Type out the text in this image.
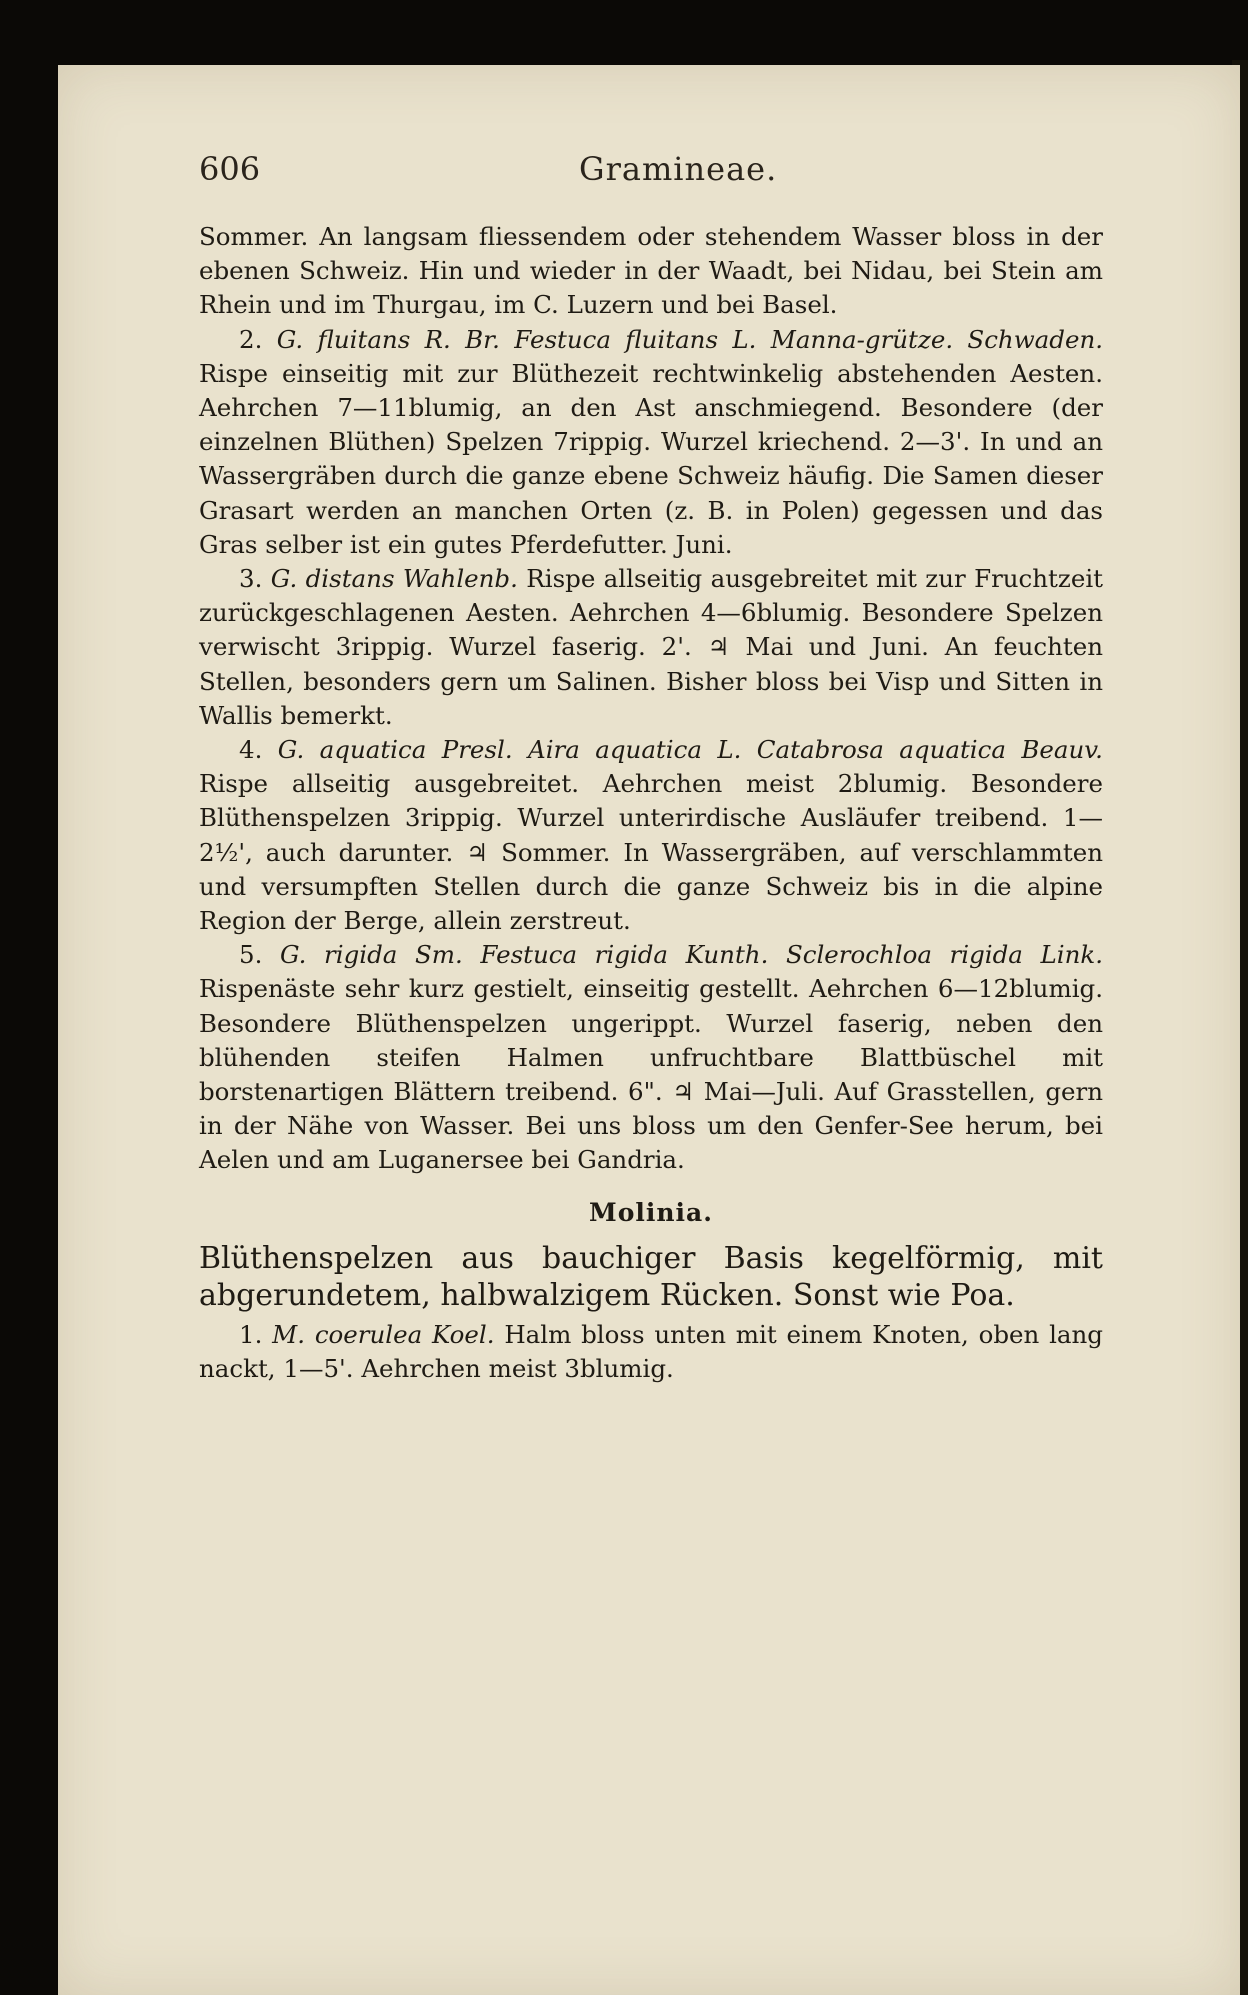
606	Gramineae.

Sommer. An langsam fliessendem oder stehendem Wasser bloss in der ebenen Schweiz. Hin und wieder in der Waadt, bei Nidau, bei Stein am Rhein und im Thurgau, im C. Luzern und bei Basel.

2. G. fluitans R. Br. Festuca fluitans L. Manna-grütze. Schwaden. Rispe einseitig mit zur Blüthezeit rechtwinkelig abstehenden Aesten. Aehrchen 7—11blumig, an den Ast anschmiegend. Besondere (der einzelnen Blüthen) Spelzen 7rippig. Wurzel kriechend. 2—3'. In und an Wassergräben durch die ganze ebene Schweiz häufig. Die Samen dieser Grasart werden an manchen Orten (z. B. in Polen) gegessen und das Gras selber ist ein gutes Pferdefutter. Juni.

3. G. distans Wahlenb. Rispe allseitig ausgebreitet mit zur Fruchtzeit zurückgeschlagenen Aesten. Aehrchen 4—6blumig. Besondere Spelzen verwischt 3rippig. Wurzel faserig. 2'. ♃ Mai und Juni. An feuchten Stellen, besonders gern um Salinen. Bisher bloss bei Visp und Sitten in Wallis bemerkt.

4. G. aquatica Presl. Aira aquatica L. Catabrosa aquatica Beauv. Rispe allseitig ausgebreitet. Aehrchen meist 2blumig. Besondere Blüthenspelzen 3rippig. Wurzel unterirdische Ausläufer treibend. 1—2½', auch darunter. ♃ Sommer. In Wassergräben, auf verschlammten und versumpften Stellen durch die ganze Schweiz bis in die alpine Region der Berge, allein zerstreut.

5. G. rigida Sm. Festuca rigida Kunth. Sclerochloa rigida Link. Rispenäste sehr kurz gestielt, einseitig gestellt. Aehrchen 6—12blumig. Besondere Blüthenspelzen ungerippt. Wurzel faserig, neben den blühenden steifen Halmen unfruchtbare Blattbüschel mit borstenartigen Blättern treibend. 6". ♃ Mai—Juli. Auf Grasstellen, gern in der Nähe von Wasser. Bei uns bloss um den Genfer-See herum, bei Aelen und am Luganersee bei Gandria.

Molinia.

Blüthenspelzen aus bauchiger Basis kegelförmig, mit abgerundetem, halbwalzigem Rücken. Sonst wie Poa.

1. M. coerulea Koel. Halm bloss unten mit einem Knoten, oben lang nackt, 1—5'. Aehrchen meist 3blumig.
